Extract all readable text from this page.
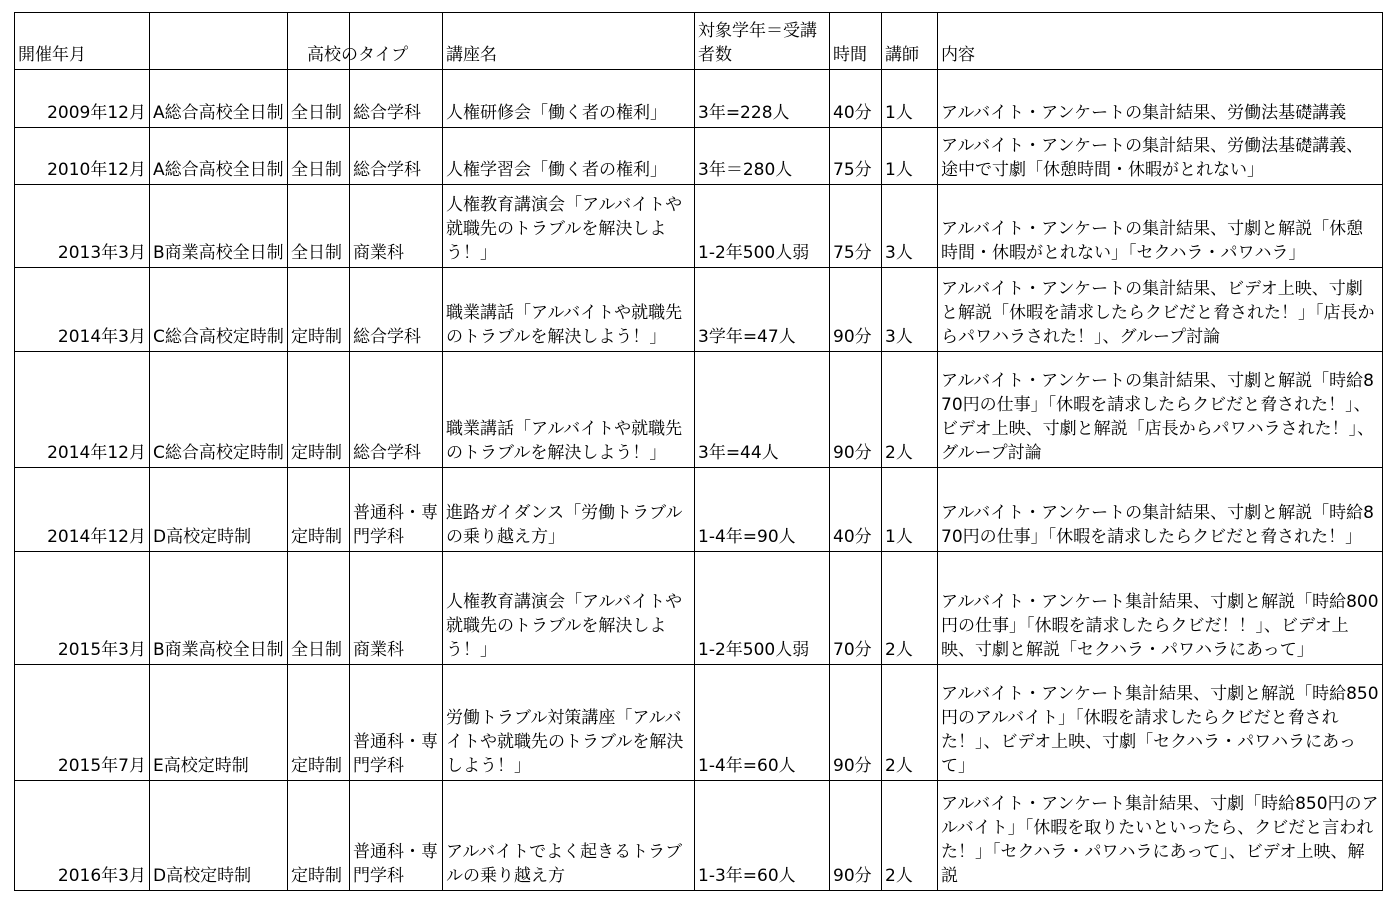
開催年月	高校のタイプ			講座名	対象学年＝受講者数	時間	講師	内容
2009年12月	A総合高校全日制	全日制	総合学科	人権研修会「働く者の権利」	3年=228人	40分	1人	アルバイト・アンケートの集計結果、労働法基礎講義
2010年12月	A総合高校全日制	全日制	総合学科	人権学習会「働く者の権利」	3年＝280人	75分	1人	アルバイト・アンケートの集計結果、労働法基礎講義、途中で寸劇「休憩時間・休暇がとれない」
2013年3月	B商業高校全日制	全日制	商業科	人権教育講演会「アルバイトや就職先のトラブルを解決しよう！」	1-2年500人弱	75分	3人	アルバイト・アンケートの集計結果、寸劇と解説「休憩時間・休暇がとれない」「セクハラ・パワハラ」
2014年3月	C総合高校定時制	定時制	総合学科	職業講話「アルバイトや就職先のトラブルを解決しよう！」	3学年=47人	90分	3人	アルバイト・アンケートの集計結果、ビデオ上映、寸劇と解説「休暇を請求したらクビだと脅された！」「店長からパワハラされた！」、グループ討論
2014年12月	C総合高校定時制	定時制	総合学科	職業講話「アルバイトや就職先のトラブルを解決しよう！」	3年=44人	90分	2人	アルバイト・アンケートの集計結果、寸劇と解説「時給870円の仕事」「休暇を請求したらクビだと脅された！」、ビデオ上映、寸劇と解説「店長からパワハラされた！」、グループ討論
2014年12月	D高校定時制	定時制	普通科・専門学科	進路ガイダンス「労働トラブルの乗り越え方」	1-4年=90人	40分	1人	アルバイト・アンケートの集計結果、寸劇と解説「時給870円の仕事」「休暇を請求したらクビだと脅された！」
2015年3月	B商業高校全日制	全日制	商業科	人権教育講演会「アルバイトや就職先のトラブルを解決しよう！」	1-2年500人弱	70分	2人	アルバイト・アンケート集計結果、寸劇と解説「時給800円の仕事」「休暇を請求したらクビだ！！」、ビデオ上映、寸劇と解説「セクハラ・パワハラにあって」
2015年7月	E高校定時制	定時制	普通科・専門学科	労働トラブル対策講座「アルバイトや就職先のトラブルを解決しよう！」	1-4年=60人	90分	2人	アルバイト・アンケート集計結果、寸劇と解説「時給850円のアルバイト」「休暇を請求したらクビだと脅された！」、ビデオ上映、寸劇「セクハラ・パワハラにあって」
2016年3月	D高校定時制	定時制	普通科・専門学科	アルバイトでよく起きるトラブルの乗り越え方	1-3年=60人	90分	2人	アルバイト・アンケート集計結果、寸劇「時給850円のアルバイト」「休暇を取りたいといったら、クビだと言われた！」「セクハラ・パワハラにあって」、ビデオ上映、解説
